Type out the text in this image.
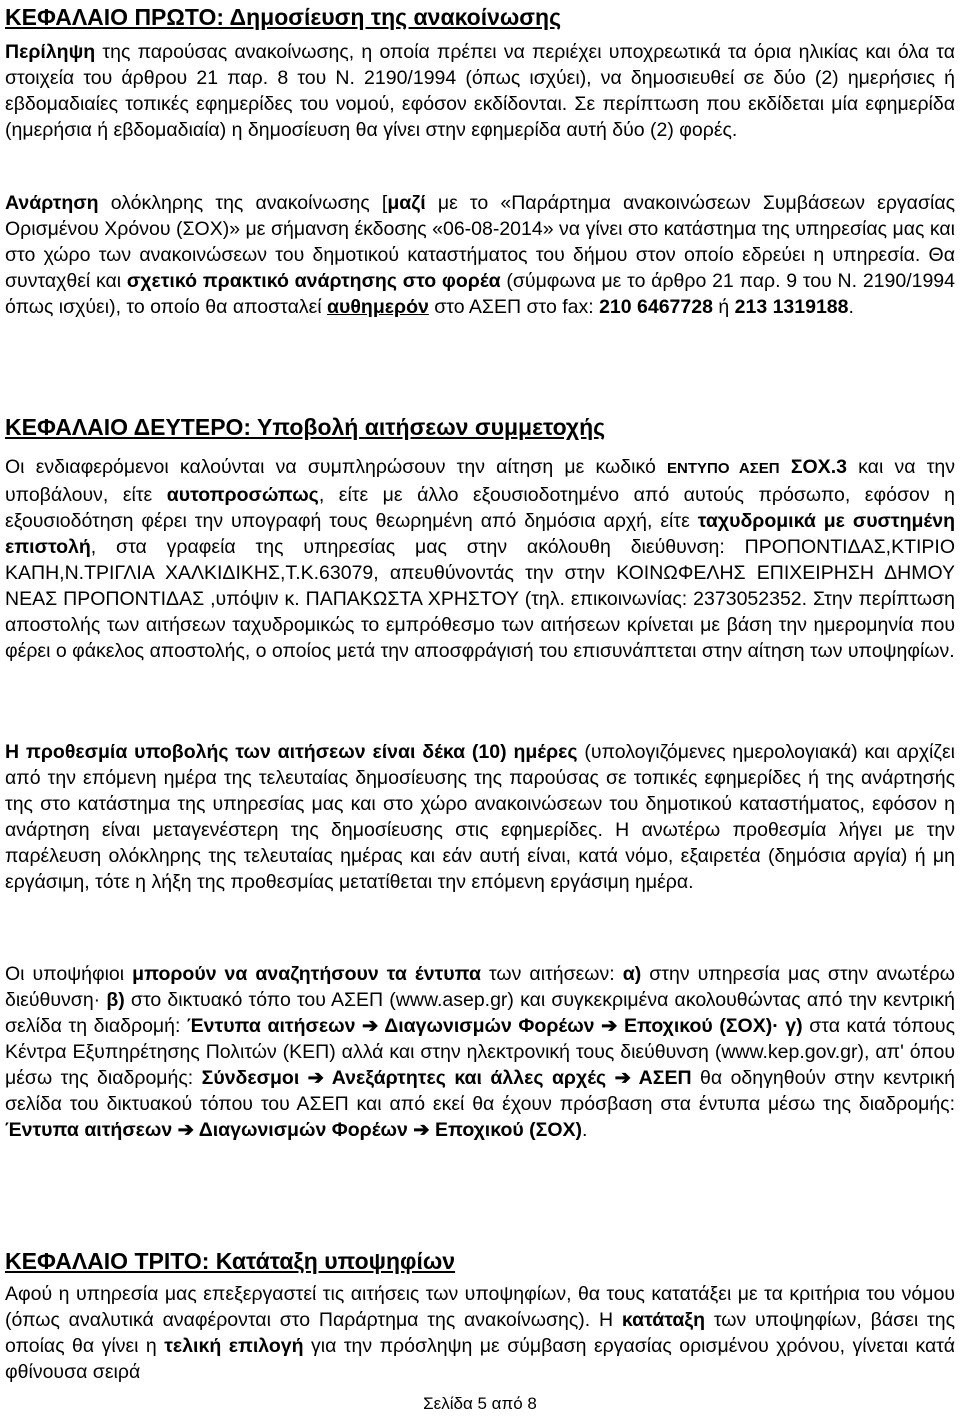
ΚΕΦΑΛΑΙΟ ΠΡΩΤΟ: Δημοσίευση της ανακοίνωσης

Περίληψη της παρούσας ανακοίνωσης, η οποία πρέπει να περιέχει υποχρεωτικά τα όρια ηλικίας και όλα τα στοιχεία του άρθρου 21 παρ. 8 του Ν. 2190/1994 (όπως ισχύει), να δημοσιευθεί σε δύο (2) ημερήσιες ή εβδομαδιαίες τοπικές εφημερίδες του νομού, εφόσον εκδίδονται. Σε περίπτωση που εκδίδεται μία εφημερίδα (ημερήσια ή εβδομαδιαία) η δημοσίευση θα γίνει στην εφημερίδα αυτή δύο (2) φορές.

Ανάρτηση ολόκληρης της ανακοίνωσης [μαζί με το «Παράρτημα ανακοινώσεων Συμβάσεων εργασίας Ορισμένου Χρόνου (ΣΟΧ)» με σήμανση έκδοσης «06-08-2014» να γίνει στο κατάστημα της υπηρεσίας μας και στο χώρο των ανακοινώσεων του δημοτικού καταστήματος του δήμου στον οποίο εδρεύει η υπηρεσία. Θα συνταχθεί και σχετικό πρακτικό ανάρτησης στο φορέα (σύμφωνα με το άρθρο 21 παρ. 9 του Ν. 2190/1994 όπως ισχύει), το οποίο θα αποσταλεί αυθημερόν στο ΑΣΕΠ στο fax: 210 6467728 ή 213 1319188.

ΚΕΦΑΛΑΙΟ ΔΕΥΤΕΡΟ: Υποβολή αιτήσεων συμμετοχής

Οι ενδιαφερόμενοι καλούνται να συμπληρώσουν την αίτηση με κωδικό ΕΝΤΥΠΟ ΑΣΕΠ ΣΟΧ.3 και να την υποβάλουν, είτε αυτοπροσώπως, είτε με άλλο εξουσιοδοτημένο από αυτούς πρόσωπο, εφόσον η εξουσιοδότηση φέρει την υπογραφή τους θεωρημένη από δημόσια αρχή, είτε ταχυδρομικά με συστημένη επιστολή, στα γραφεία της υπηρεσίας μας στην ακόλουθη διεύθυνση: ΠΡΟΠΟΝΤΙΔΑΣ,ΚΤΙΡΙΟ ΚΑΠΗ,Ν.ΤΡΙΓΛΙΑ ΧΑΛΚΙΔΙΚΗΣ,Τ.Κ.63079, απευθύνοντάς την στην ΚΟΙΝΩΦΕΛΗΣ ΕΠΙΧΕΙΡΗΣΗ ΔΗΜΟΥ ΝΕΑΣ ΠΡΟΠΟΝΤΙΔΑΣ ,υπόψιν κ. ΠΑΠΑΚΩΣΤΑ ΧΡΗΣΤΟΥ (τηλ. επικοινωνίας: 2373052352. Στην περίπτωση αποστολής των αιτήσεων ταχυδρομικώς το εμπρόθεσμο των αιτήσεων κρίνεται με βάση την ημερομηνία που φέρει ο φάκελος αποστολής, ο οποίος μετά την αποσφράγισή του επισυνάπτεται στην αίτηση των υποψηφίων.

Η προθεσμία υποβολής των αιτήσεων είναι δέκα (10) ημέρες (υπολογιζόμενες ημερολογιακά) και αρχίζει από την επόμενη ημέρα της τελευταίας δημοσίευσης της παρούσας σε τοπικές εφημερίδες ή της ανάρτησής της στο κατάστημα της υπηρεσίας μας και στο χώρο ανακοινώσεων του δημοτικού καταστήματος, εφόσον η ανάρτηση είναι μεταγενέστερη της δημοσίευσης στις εφημερίδες. Η ανωτέρω προθεσμία λήγει με την παρέλευση ολόκληρης της τελευταίας ημέρας και εάν αυτή είναι, κατά νόμο, εξαιρετέα (δημόσια αργία) ή μη εργάσιμη, τότε η λήξη της προθεσμίας μετατίθεται την επόμενη εργάσιμη ημέρα.

Οι υποψήφιοι μπορούν να αναζητήσουν τα έντυπα των αιτήσεων: α) στην υπηρεσία μας στην ανωτέρω διεύθυνση· β) στο δικτυακό τόπο του ΑΣΕΠ (www.asep.gr) και συγκεκριμένα ακολουθώντας από την κεντρική σελίδα τη διαδρομή: Έντυπα αιτήσεων ➔ Διαγωνισμών Φορέων ➔ Εποχικού (ΣΟΧ)· γ) στα κατά τόπους Κέντρα Εξυπηρέτησης Πολιτών (ΚΕΠ) αλλά και στην ηλεκτρονική τους διεύθυνση (www.kep.gov.gr), απ' όπου μέσω της διαδρομής: Σύνδεσμοι ➔ Ανεξάρτητες και άλλες αρχές ➔ ΑΣΕΠ θα οδηγηθούν στην κεντρική σελίδα του δικτυακού τόπου του ΑΣΕΠ και από εκεί θα έχουν πρόσβαση στα έντυπα μέσω της διαδρομής: Έντυπα αιτήσεων ➔ Διαγωνισμών Φορέων ➔ Εποχικού (ΣΟΧ).

ΚΕΦΑΛΑΙΟ ΤΡΙΤΟ: Κατάταξη υποψηφίων

Αφού η υπηρεσία μας επεξεργαστεί τις αιτήσεις των υποψηφίων, θα τους κατατάξει με τα κριτήρια του νόμου (όπως αναλυτικά αναφέρονται στο Παράρτημα της ανακοίνωσης). Η κατάταξη των υποψηφίων, βάσει της οποίας θα γίνει η τελική επιλογή για την πρόσληψη με σύμβαση εργασίας ορισμένου χρόνου, γίνεται κατά φθίνουσα σειρά

Σελίδα 5 από 8
